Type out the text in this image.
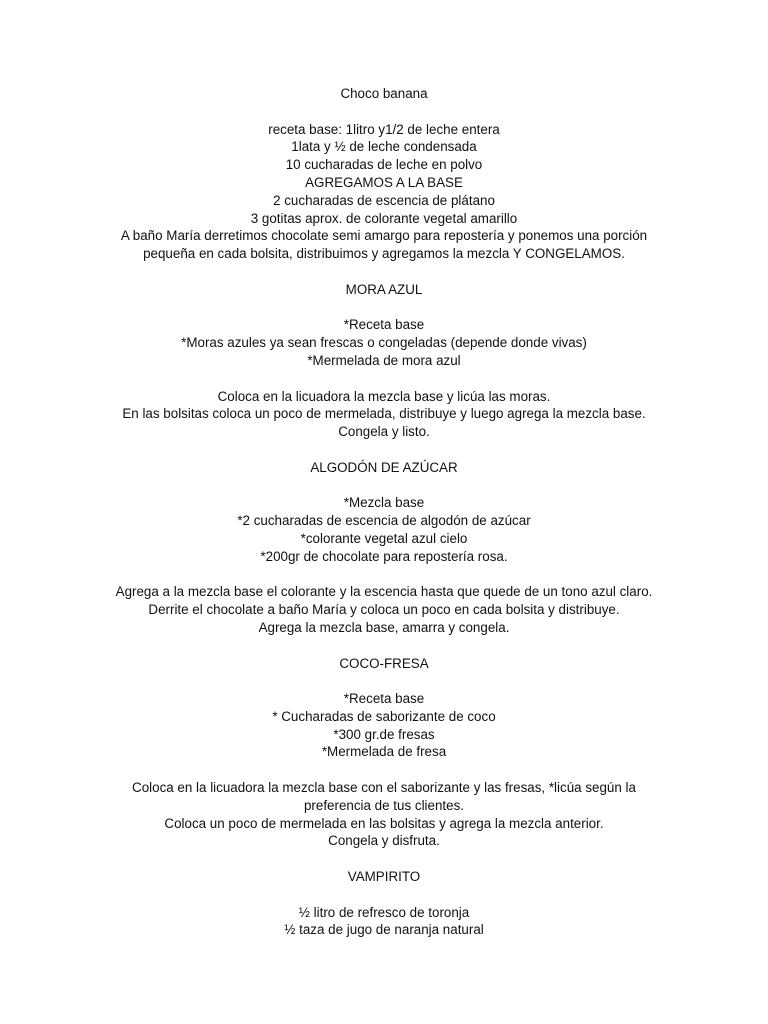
Choco banana
receta base: 1litro y1/2 de leche entera
1lata y ½ de leche condensada
10 cucharadas de leche en polvo
AGREGAMOS A LA BASE
2 cucharadas de escencia de plátano
3 gotitas aprox. de colorante vegetal amarillo
A baño María derretimos chocolate semi amargo para repostería y ponemos una porción
pequeña en cada bolsita, distribuimos y agregamos la mezcla Y CONGELAMOS.
MORA AZUL
*Receta base
*Moras azules ya sean frescas o congeladas (depende donde vivas)
*Mermelada de mora azul
Coloca en la licuadora la mezcla base y licúa las moras.
En las bolsitas coloca un poco de mermelada, distribuye y luego agrega la mezcla base.
Congela y listo.
ALGODÓN DE AZÚCAR
*Mezcla base
*2 cucharadas de escencia de algodón de azúcar
*colorante vegetal azul cielo
*200gr de chocolate para repostería rosa.
Agrega a la mezcla base el colorante y la escencia hasta que quede de un tono azul claro.
Derrite el chocolate a baño María y coloca un poco en cada bolsita y distribuye.
Agrega la mezcla base, amarra y congela.
COCO-FRESA
*Receta base
* Cucharadas de saborizante de coco
*300 gr.de fresas
*Mermelada de fresa
Coloca en la licuadora la mezcla base con el saborizante y las fresas, *licúa según la
preferencia de tus clientes.
Coloca un poco de mermelada en las bolsitas y agrega la mezcla anterior.
Congela y disfruta.
VAMPIRITO
½ litro de refresco de toronja
½ taza de jugo de naranja natural
